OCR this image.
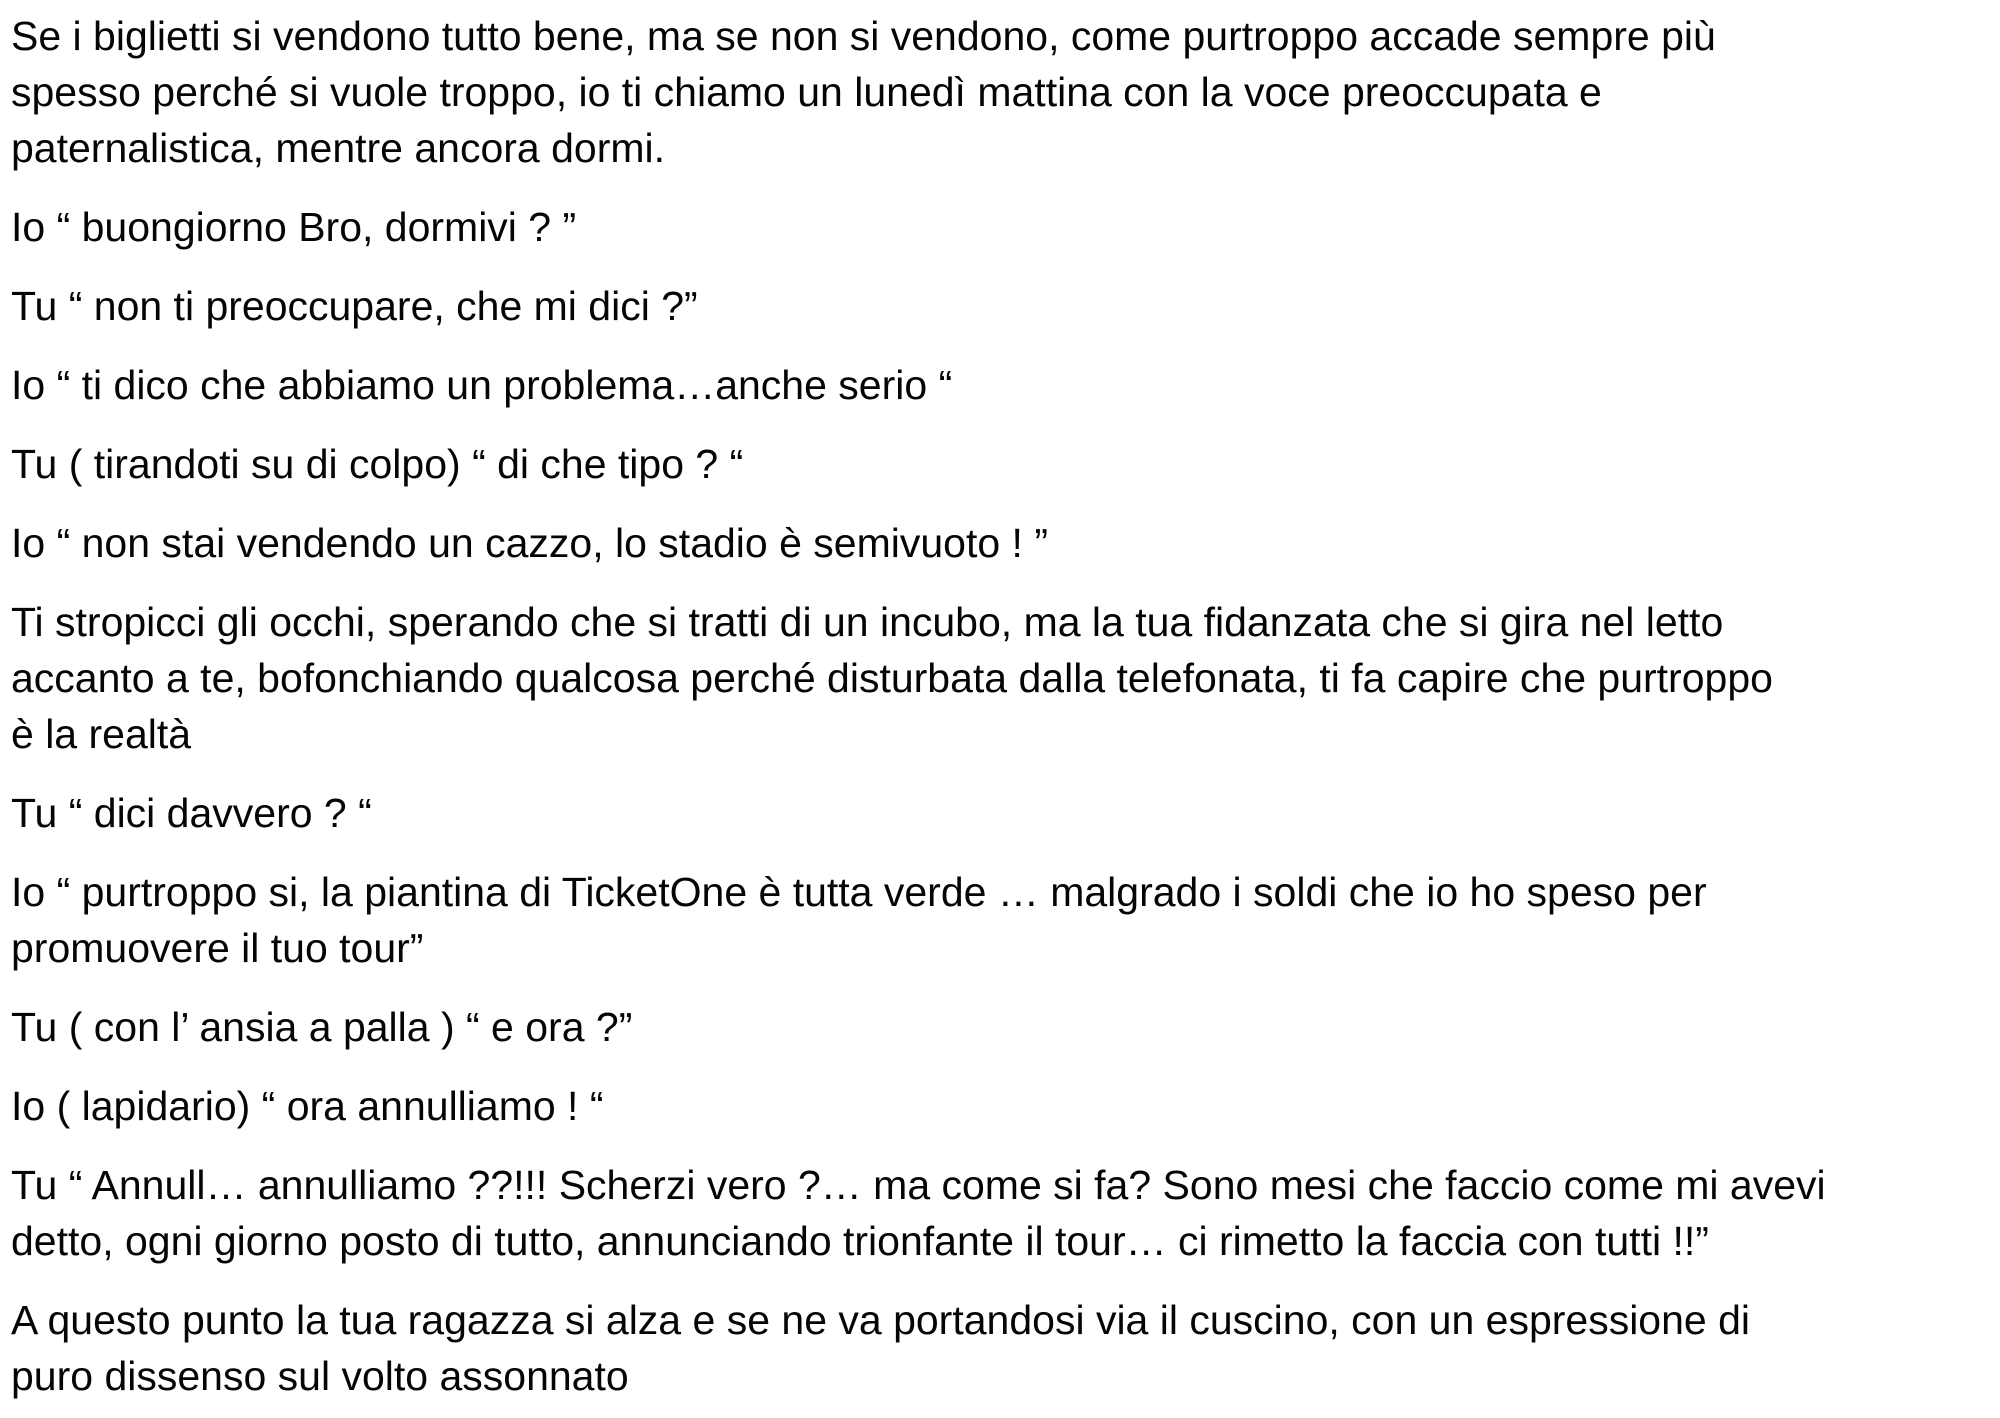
Se i biglietti si vendono tutto bene, ma se non si vendono, come purtroppo accade sempre più
spesso perché si vuole troppo, io ti chiamo un lunedì mattina con la voce preoccupata e
paternalistica, mentre ancora dormi.

Io “ buongiorno Bro, dormivi ? ”

Tu “ non ti preoccupare, che mi dici ?”

Io “ ti dico che abbiamo un problema…anche serio “

Tu ( tirandoti su di colpo) “ di che tipo ? “

Io “ non stai vendendo un cazzo, lo stadio è semivuoto ! ”

Ti stropicci gli occhi, sperando che si tratti di un incubo, ma la tua fidanzata che si gira nel letto
accanto a te, bofonchiando qualcosa perché disturbata dalla telefonata, ti fa capire che purtroppo
è la realtà

Tu “ dici davvero ? “

Io “ purtroppo si, la piantina di TicketOne è tutta verde … malgrado i soldi che io ho speso per
promuovere il tuo tour”

Tu ( con l’ ansia a palla ) “ e ora ?”

Io ( lapidario) “ ora annulliamo ! “

Tu “ Annull… annulliamo ??!!! Scherzi vero ?… ma come si fa? Sono mesi che faccio come mi avevi
detto, ogni giorno posto di tutto, annunciando trionfante il tour… ci rimetto la faccia con tutti !!”

A questo punto la tua ragazza si alza e se ne va portandosi via il cuscino, con un espressione di
puro dissenso sul volto assonnato
